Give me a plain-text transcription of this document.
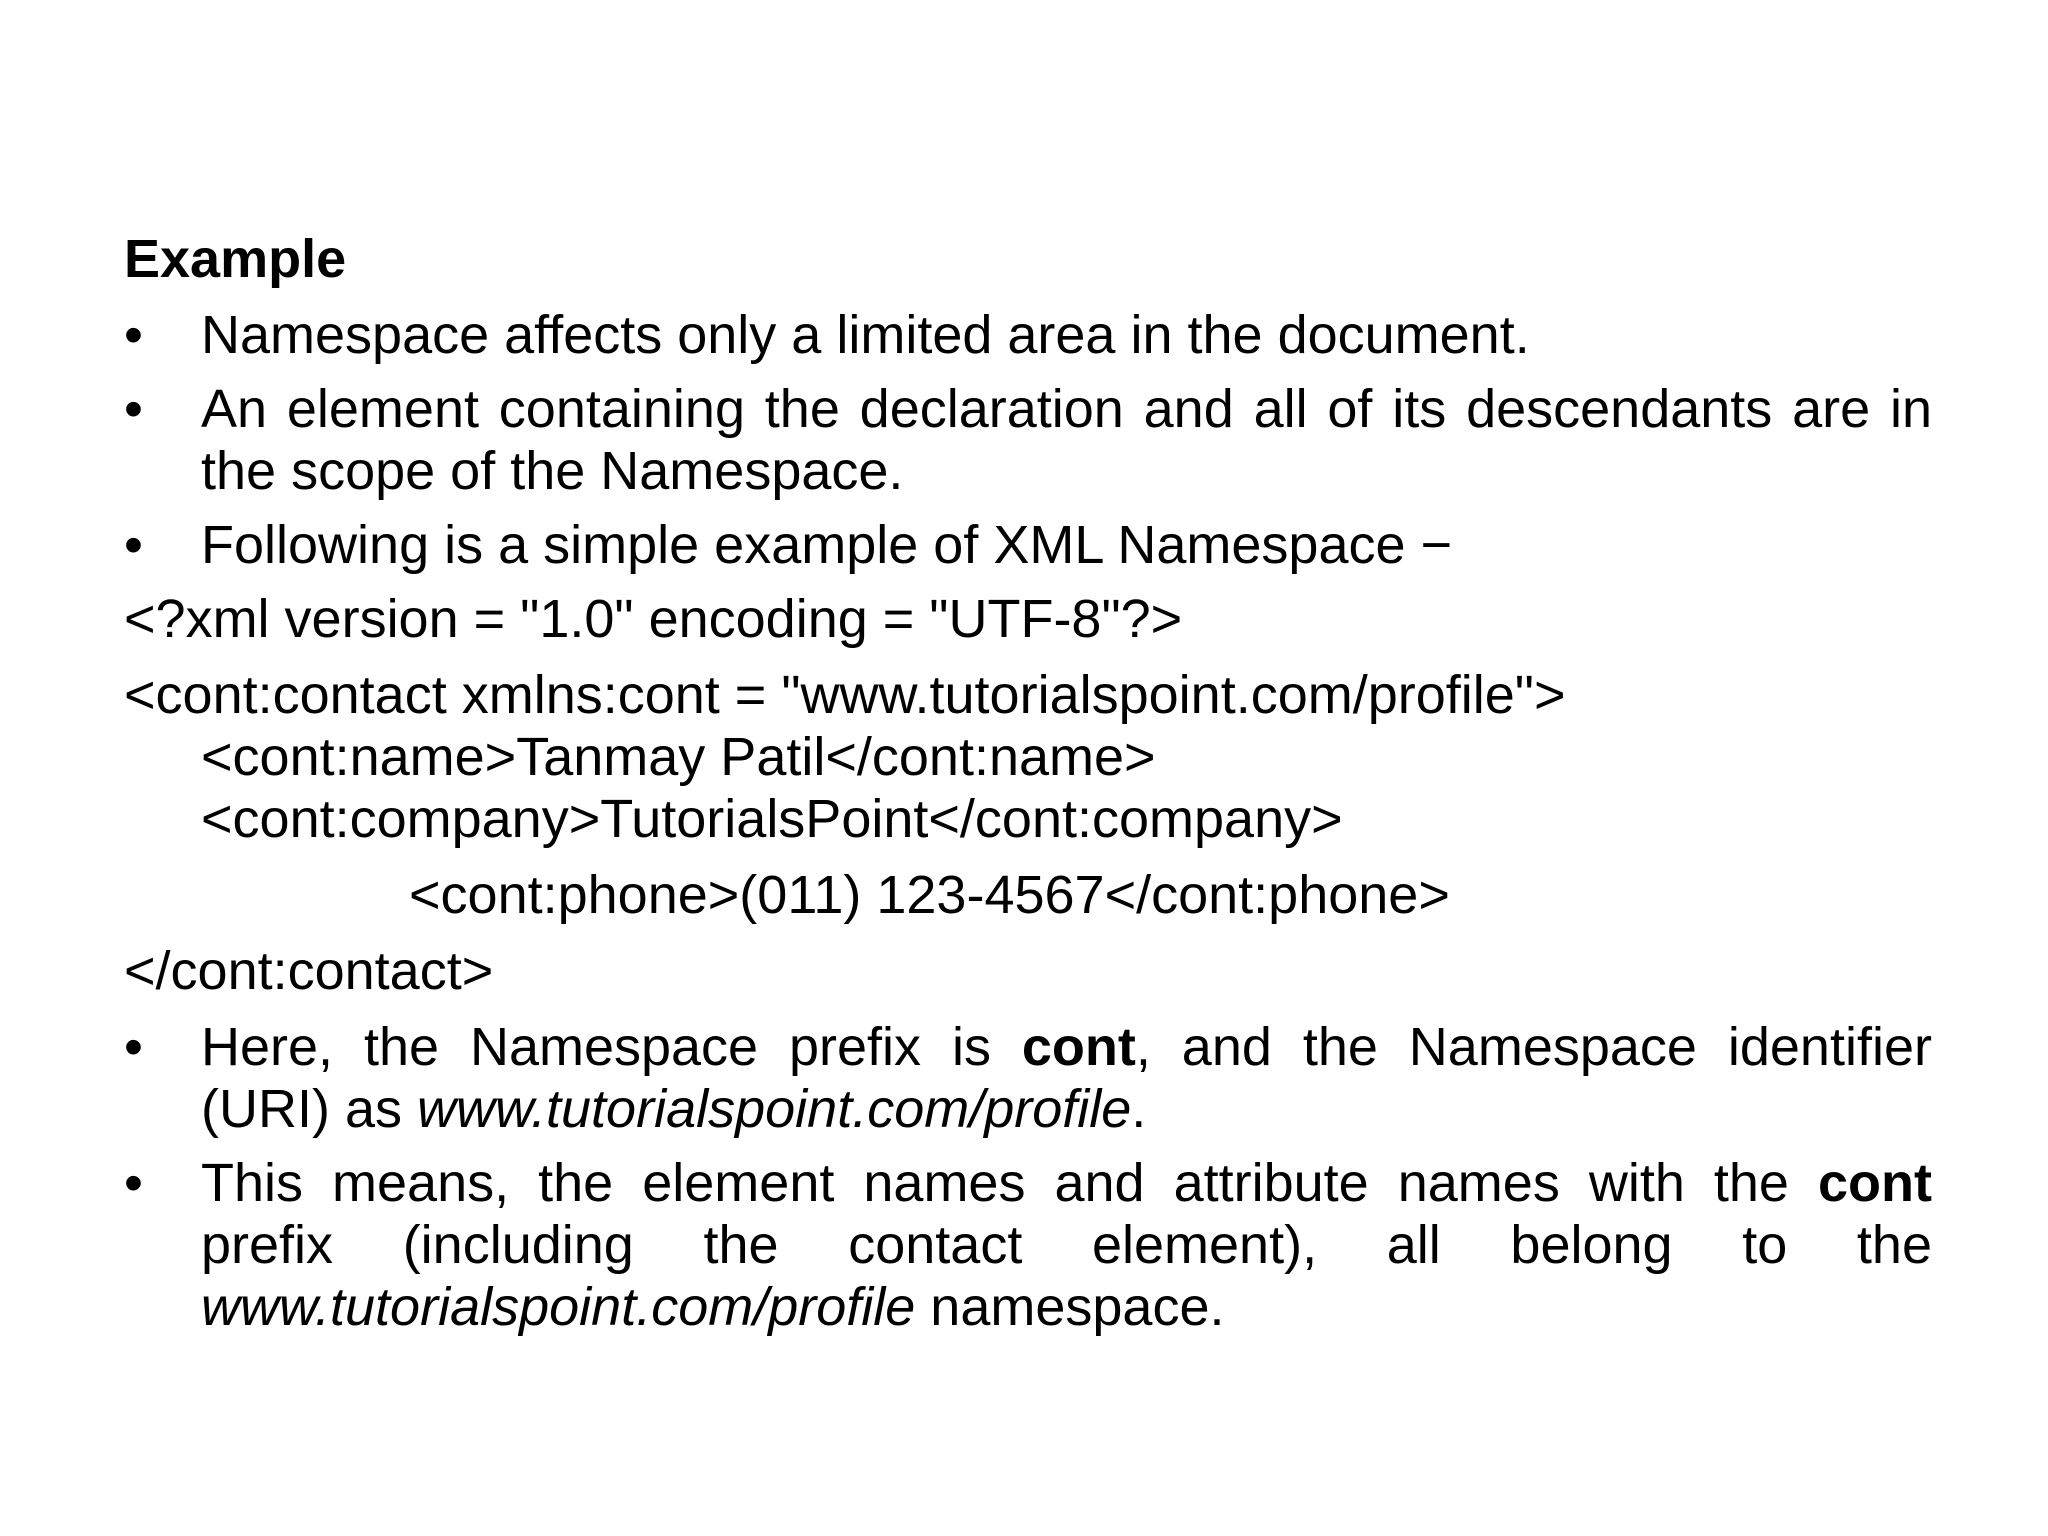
Example
•	Namespace affects only a limited area in the document.
•	An element containing the declaration and all of its descendants are in the scope of the Namespace.
•	Following is a simple example of XML Namespace −
<?xml version = "1.0" encoding = "UTF-8"?>
<cont:contact xmlns:cont = "www.tutorialspoint.com/profile">
<cont:name>Tanmay Patil</cont:name>
<cont:company>TutorialsPoint</cont:company>
<cont:phone>(011) 123-4567</cont:phone>
</cont:contact>
•	Here, the Namespace prefix is cont, and the Namespace identifier (URI) as www.tutorialspoint.com/profile.
•	This means, the element names and attribute names with the cont prefix (including the contact element), all belong to the www.tutorialspoint.com/profile namespace.
